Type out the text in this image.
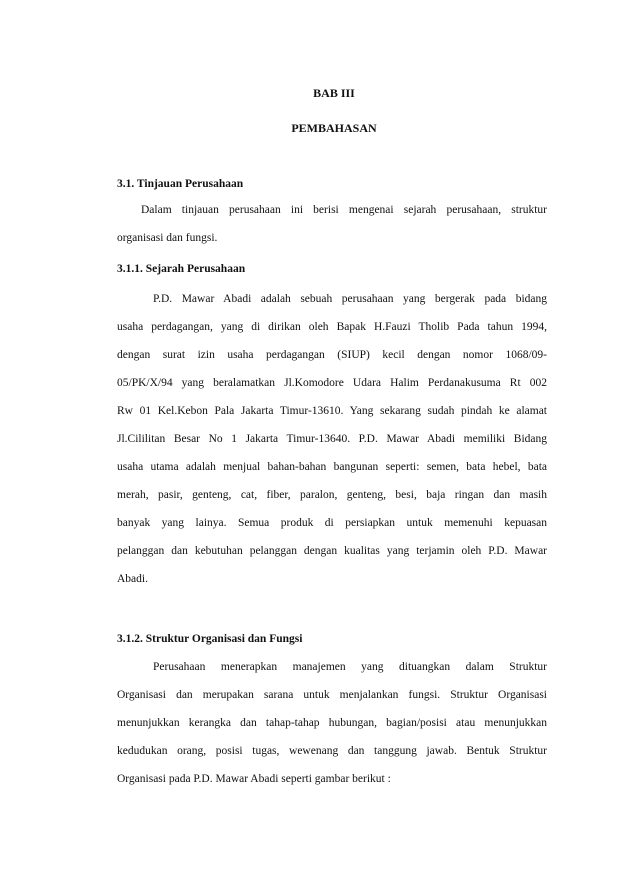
BAB III

PEMBAHASAN

3.1. Tinjauan Perusahaan

Dalam tinjauan perusahaan ini berisi mengenai sejarah perusahaan, struktur
organisasi dan fungsi.

3.1.1. Sejarah Perusahaan

P.D. Mawar Abadi adalah sebuah perusahaan yang bergerak pada bidang
usaha perdagangan, yang di dirikan oleh Bapak H.Fauzi Tholib Pada tahun 1994,
dengan surat izin usaha perdagangan (SIUP) kecil dengan nomor 1068/09-
05/PK/X/94 yang beralamatkan Jl.Komodore Udara Halim Perdanakusuma Rt 002
Rw 01 Kel.Kebon Pala Jakarta Timur-13610. Yang sekarang sudah pindah ke alamat
Jl.Cililitan Besar No 1 Jakarta Timur-13640. P.D. Mawar Abadi memiliki Bidang
usaha utama adalah menjual bahan-bahan bangunan seperti: semen, bata hebel, bata
merah, pasir, genteng, cat, fiber, paralon, genteng, besi, baja ringan dan masih
banyak yang lainya. Semua produk di persiapkan untuk memenuhi kepuasan
pelanggan dan kebutuhan pelanggan dengan kualitas yang terjamin oleh P.D. Mawar
Abadi.

3.1.2. Struktur Organisasi dan Fungsi

Perusahaan menerapkan manajemen yang dituangkan dalam Struktur
Organisasi dan merupakan sarana untuk menjalankan fungsi. Struktur Organisasi
menunjukkan kerangka dan tahap-tahap hubungan, bagian/posisi atau menunjukkan
kedudukan orang, posisi tugas, wewenang dan tanggung jawab. Bentuk Struktur
Organisasi pada P.D. Mawar Abadi seperti gambar berikut :
